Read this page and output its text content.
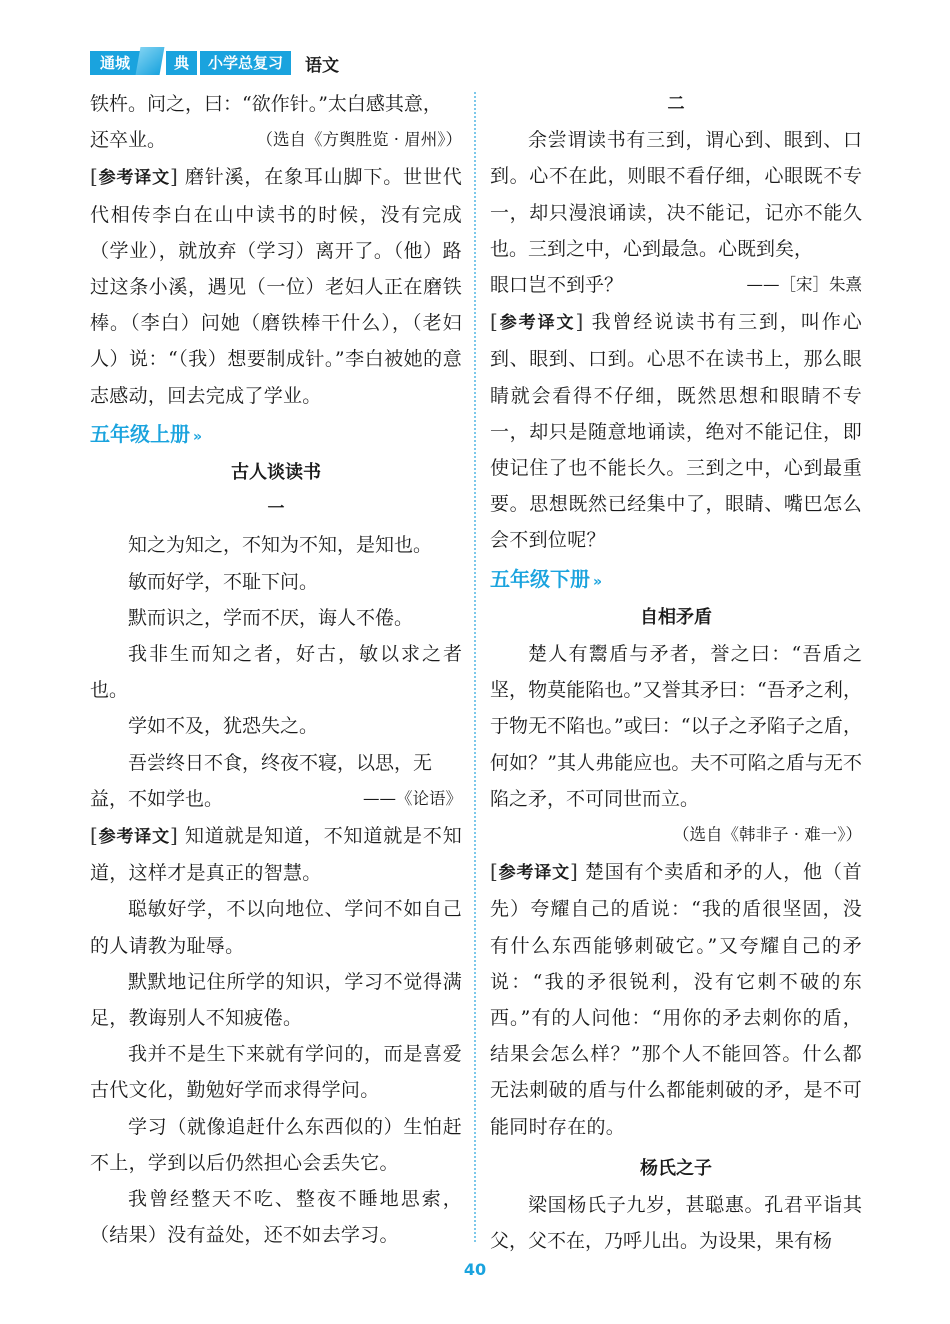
通城	典	小学总复习	语文

铁杵。问之，曰：“欲作针。”太白感其意，

还卒业。	（选自《方舆胜览 · 眉州》）

[参考译文] 磨针溪，在象耳山脚下。世世代代相传李白在山中读书的时候，没有完成（学业），就放弃（学习）离开了。（他）路过这条小溪，遇见（一位）老妇人正在磨铁棒。（李白）问她（磨铁棒干什么），（老妇人）说：“（我）想要制成针。”李白被她的意志感动，回去完成了学业。

五年级上册 »

古人谈读书

一

知之为知之，不知为不知，是知也。

敏而好学，不耻下问。

默而识之，学而不厌，诲人不倦。

我非生而知之者，好古，敏以求之者也。

学如不及，犹恐失之。

吾尝终日不食，终夜不寝，以思，无

益，不如学也。	——《论语》

[参考译文] 知道就是知道，不知道就是不知道，这样才是真正的智慧。

聪敏好学，不以向地位、学问不如自己的人请教为耻辱。

默默地记住所学的知识，学习不觉得满足，教诲别人不知疲倦。

我并不是生下来就有学问的，而是喜爱古代文化，勤勉好学而求得学问。

学习（就像追赶什么东西似的）生怕赶不上，学到以后仍然担心会丢失它。

我曾经整天不吃、整夜不睡地思索，（结果）没有益处，还不如去学习。

二

余尝谓读书有三到，谓心到、眼到、口到。心不在此，则眼不看仔细，心眼既不专一，却只漫浪诵读，决不能记，记亦不能久也。三到之中，心到最急。心既到矣，

眼口岂不到乎？	——［宋］朱熹

[参考译文] 我曾经说读书有三到，叫作心到、眼到、口到。心思不在读书上，那么眼睛就会看得不仔细，既然思想和眼睛不专一，却只是随意地诵读，绝对不能记住，即使记住了也不能长久。三到之中，心到最重要。思想既然已经集中了，眼睛、嘴巴怎么会不到位呢？

五年级下册 »

自相矛盾

楚人有鬻盾与矛者，誉之曰：“吾盾之坚，物莫能陷也。”又誉其矛曰：“吾矛之利，于物无不陷也。”或曰：“以子之矛陷子之盾，何如？”其人弗能应也。夫不可陷之盾与无不陷之矛，不可同世而立。

（选自《韩非子 · 难一》）

[参考译文] 楚国有个卖盾和矛的人，他（首先）夸耀自己的盾说：“我的盾很坚固，没有什么东西能够刺破它。”又夸耀自己的矛说：“我的矛很锐利，没有它刺不破的东西。”有的人问他：“用你的矛去刺你的盾，结果会怎么样？”那个人不能回答。什么都无法刺破的盾与什么都能刺破的矛，是不可能同时存在的。

杨氏之子

梁国杨氏子九岁，甚聪惠。孔君平诣其父，父不在，乃呼儿出。为设果，果有杨

40
